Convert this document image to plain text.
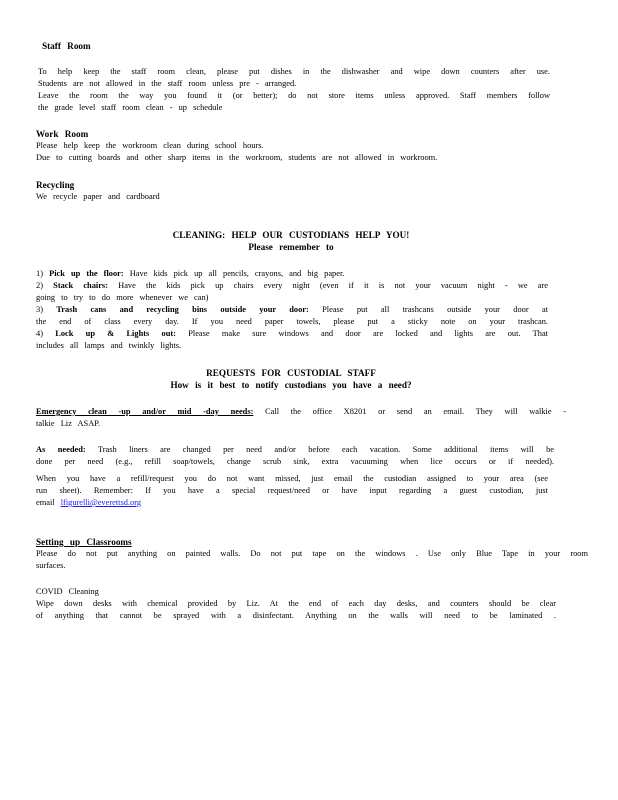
Staff Room
To help keep the staff room clean, please put dishes in the dishwasher and wipe down counters after use.
Students are not allowed in the staff room unless pre - arranged.
Leave the room the way you found it (or better); do not store items unless approved. Staff members follow
the grade level staff room clean - up schedule
Work Room
Please help keep the workroom clean during school hours.
Due to cutting boards and other sharp items in the workroom, students are not allowed in workroom.
Recycling
We recycle paper and cardboard
CLEANING: HELP OUR CUSTODIANS HELP YOU!
Please remember to
1) Pick up the floor: Have kids pick up all pencils, crayons, and big paper.
2) Stack chairs: Have the kids pick up chairs every night (even if it is not your vacuum night - we are
going to try to do more whenever we can)
3) Trash cans and recycling bins outside your door: Please put all trashcans outside your door at
the end of class every day. If you need paper towels, please put a sticky note on your trashcan.
4) Lock up & Lights out: Please make sure windows and door are locked and lights are out. That
includes all lamps and twinkly lights.
REQUESTS FOR CUSTODIAL STAFF
How is it best to notify custodians you have a need?
Emergency clean -up and/or mid -day needs: Call the office X8201 or send an email. They will walkie -
talkie Liz ASAP.
As needed: Trash liners are changed per need and/or before each vacation. Some additional items will be
done per need (e.g., refill soap/towels, change scrub sink, extra vacuuming when lice occurs or if needed).
When you have a refill/request you do not want missed, just email the custodian assigned to your area (see
run sheet). Remember: If you have a special request/need or have input regarding a guest custodian, just
email lfigurelli@everettsd.org
Setting up Classrooms
Please do not put anything on painted walls. Do not put tape on the windows . Use only Blue Tape in your room
surfaces.
COVID Cleaning
Wipe down desks with chemical provided by Liz. At the end of each day desks, and counters should be clear
of anything that cannot be sprayed with a disinfectant. Anything on the walls will need to be laminated .
